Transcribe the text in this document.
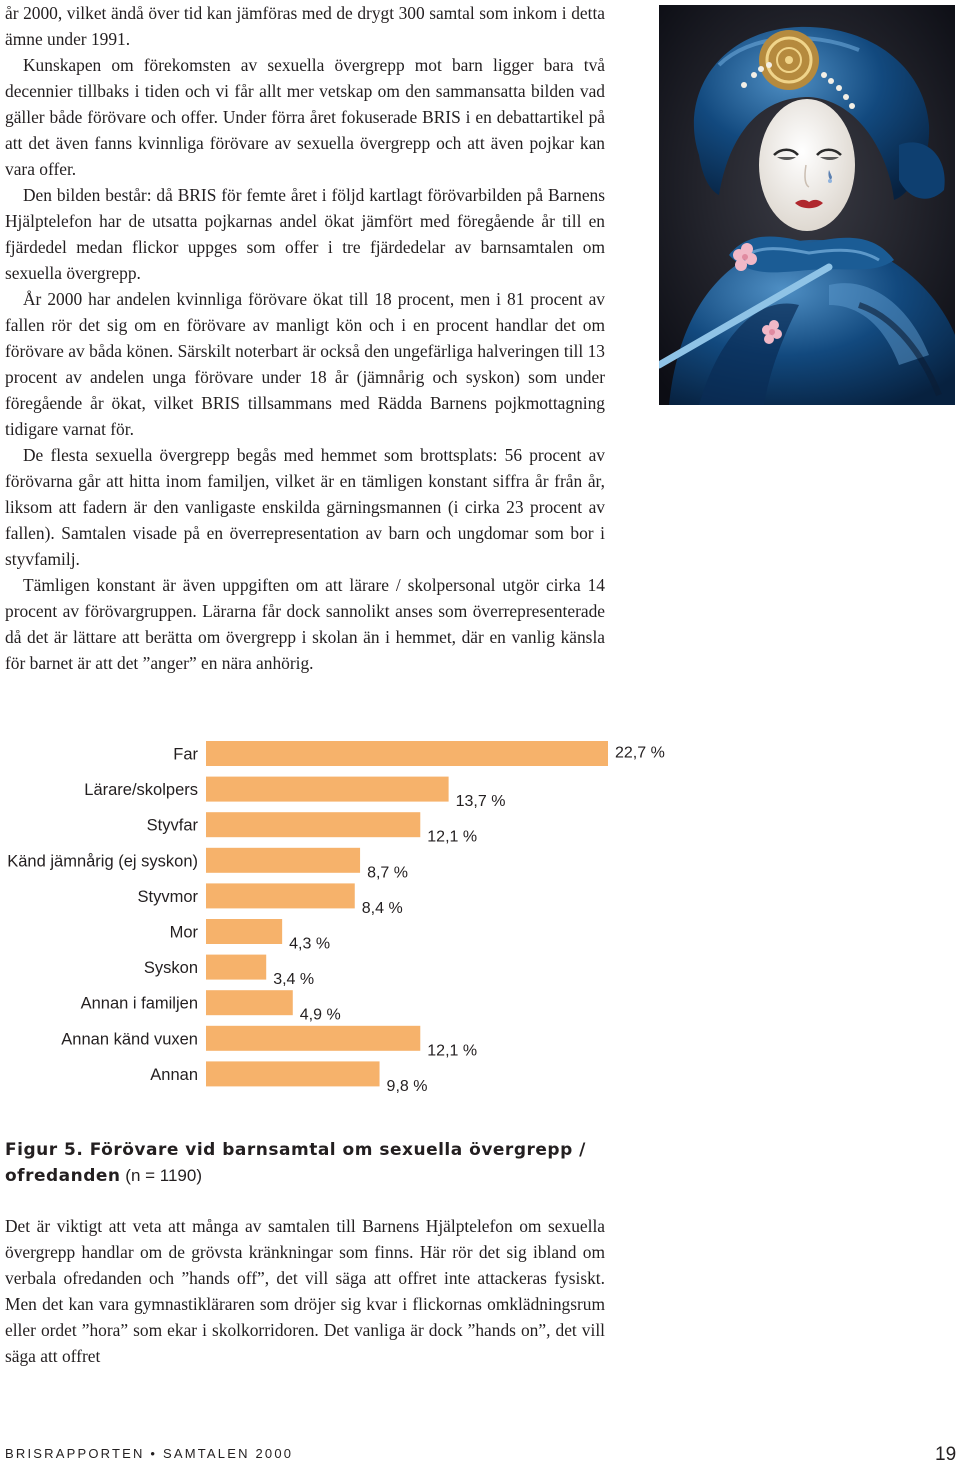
år 2000, vilket ändå över tid kan jämföras med de drygt 300 samtal som inkom i detta ämne under 1991.

Kunskapen om förekomsten av sexuella övergrepp mot barn ligger bara två decennier tillbaks i tiden och vi får allt mer vetskap om den sammansatta bilden vad gäller både förövare och offer. Under förra året fokuserade BRIS i en debattartikel på att det även fanns kvinnliga förövare av sexuella övergrepp och att även pojkar kan vara offer.

Den bilden består: då BRIS för femte året i följd kartlagt förövarbilden på Barnens Hjälptelefon har de utsatta pojkarnas andel ökat jämfört med föregående år till en fjärdedel medan flickor uppges som offer i tre fjärdedelar av barnsamtalen om sexuella övergrepp.

År 2000 har andelen kvinnliga förövare ökat till 18 procent, men i 81 procent av fallen rör det sig om en förövare av manligt kön och i en procent handlar det om förövare av båda könen. Särskilt noterbart är också den ungefärliga halveringen till 13 procent av andelen unga förövare under 18 år (jämnårig och syskon) som under föregående år ökat, vilket BRIS tillsammans med Rädda Barnens pojkmottagning tidigare varnat för.

De flesta sexuella övergrepp begås med hemmet som brottsplats: 56 procent av förövarna går att hitta inom familjen, vilket är en tämligen konstant siffra år från år, liksom att fadern är den vanligaste enskilda gärningsmannen (i cirka 23 procent av fallen). Samtalen visade på en överrepresentation av barn och ungdomar som bor i styvfamilj.

Tämligen konstant är även uppgiften om att lärare / skolpersonal utgör cirka 14 procent av förövargruppen. Lärarna får dock sannolikt anses som överrepresenterade då det är lättare att berätta om övergrepp i skolan än i hemmet, där en vanlig känsla för barnet är att det ”anger” en nära anhörig.

Far	22,7 %
Lärare/skolpers
13,7 %
Styvfar
12,1 %
Känd jämnårig (ej syskon)
8,7 %
Styvmor
8,4 %
Mor
4,3 %
Syskon
3,4 %
Annan i familjen
4,9 %
Annan känd vuxen
12,1 %
Annan
9,8 %
Figur 5. Förövare vid barnsamtal om sexuella övergrepp / ofredanden (n = 1190)

Det är viktigt att veta att många av samtalen till Barnens Hjälptelefon om sexuella övergrepp handlar om de grövsta kränkningar som finns. Här rör det sig ibland om verbala ofredanden och ”hands off”, det vill säga att offret inte attackeras fysiskt. Men det kan vara gymnastikläraren som dröjer sig kvar i flickornas omklädningsrum eller ordet ”hora” som ekar i skolkorridoren. Det vanliga är dock ”hands on”, det vill säga att offret

BRISRAPPORTEN • SAMTALEN 2000	19
